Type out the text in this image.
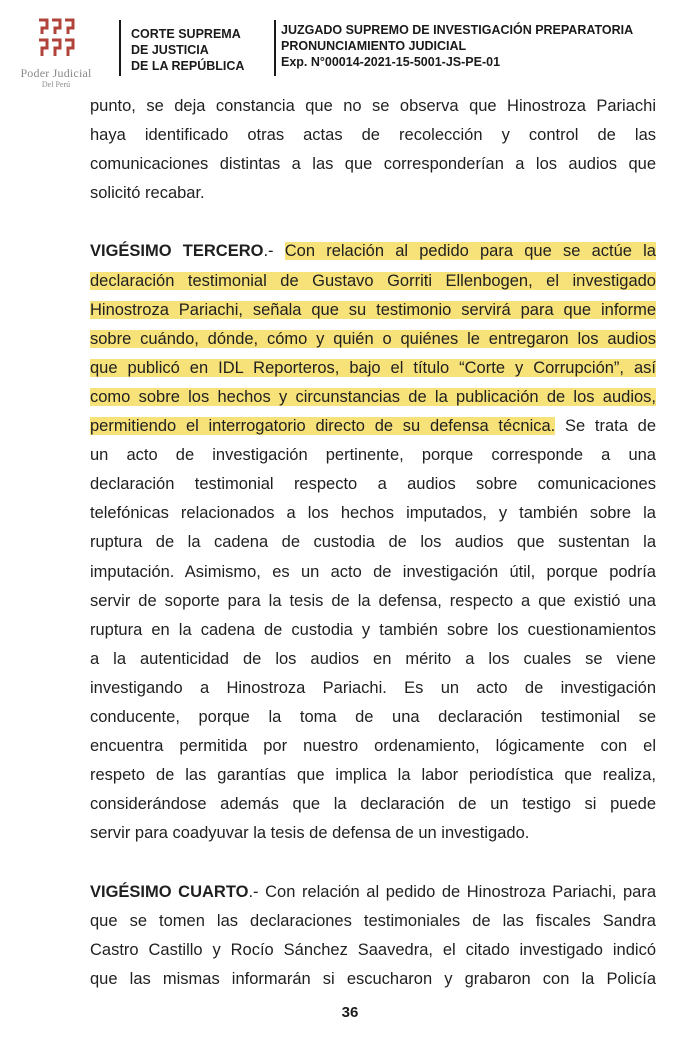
Poder Judicial
Del Perú
CORTE SUPREMA
DE JUSTICIA
DE LA REPÚBLICA
JUZGADO SUPREMO DE INVESTIGACIÓN PREPARATORIA
PRONUNCIAMIENTO JUDICIAL
Exp. N°00014-2021-15-5001-JS-PE-01
punto, se deja constancia que no se observa que Hinostroza Pariachi
haya identificado otras actas de recolección y control de las
comunicaciones distintas a las que corresponderían a los audios que
solicitó recabar.
VIGÉSIMO TERCERO.- Con relación al pedido para que se actúe la
declaración testimonial de Gustavo Gorriti Ellenbogen, el investigado
Hinostroza Pariachi, señala que su testimonio servirá para que informe
sobre cuándo, dónde, cómo y quién o quiénes le entregaron los audios
que publicó en IDL Reporteros, bajo el título “Corte y Corrupción”, así
como sobre los hechos y circunstancias de la publicación de los audios,
permitiendo el interrogatorio directo de su defensa técnica. Se trata de
un acto de investigación pertinente, porque corresponde a una
declaración testimonial respecto a audios sobre comunicaciones
telefónicas relacionados a los hechos imputados, y también sobre la
ruptura de la cadena de custodia de los audios que sustentan la
imputación. Asimismo, es un acto de investigación útil, porque podría
servir de soporte para la tesis de la defensa, respecto a que existió una
ruptura en la cadena de custodia y también sobre los cuestionamientos
a la autenticidad de los audios en mérito a los cuales se viene
investigando a Hinostroza Pariachi. Es un acto de investigación
conducente, porque la toma de una declaración testimonial se
encuentra permitida por nuestro ordenamiento, lógicamente con el
respeto de las garantías que implica la labor periodística que realiza,
considerándose además que la declaración de un testigo si puede
servir para coadyuvar la tesis de defensa de un investigado.
VIGÉSIMO CUARTO.- Con relación al pedido de Hinostroza Pariachi, para
que se tomen las declaraciones testimoniales de las fiscales Sandra
Castro Castillo y Rocío Sánchez Saavedra, el citado investigado indicó
que las mismas informarán si escucharon y grabaron con la Policía
36
